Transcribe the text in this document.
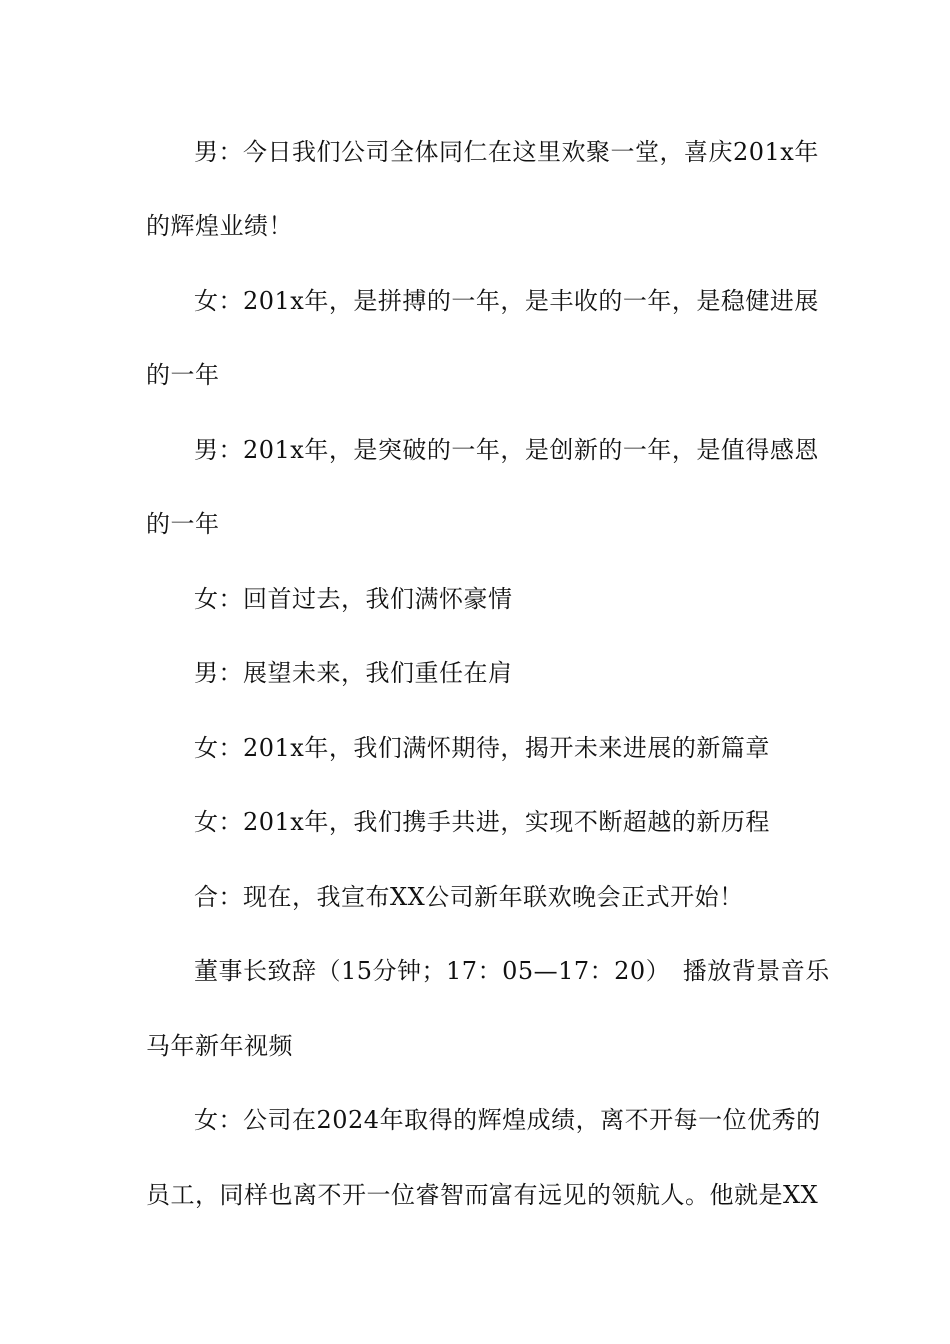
男：今日我们公司全体同仁在这里欢聚一堂，喜庆201x年
的辉煌业绩！
女：201x年，是拼搏的一年，是丰收的一年，是稳健进展
的一年
男：201x年，是突破的一年，是创新的一年，是值得感恩
的一年
女：回首过去，我们满怀豪情
男：展望未来，我们重任在肩
女：201x年，我们满怀期待，揭开未来进展的新篇章
女：201x年，我们携手共进，实现不断超越的新历程
合：现在，我宣布XX公司新年联欢晚会正式开始！
董事长致辞（15分钟；17：05—17：20）　播放背景音乐
马年新年视频
女：公司在2024年取得的辉煌成绩，离不开每一位优秀的
员工，同样也离不开一位睿智而富有远见的领航人。他就是XX
